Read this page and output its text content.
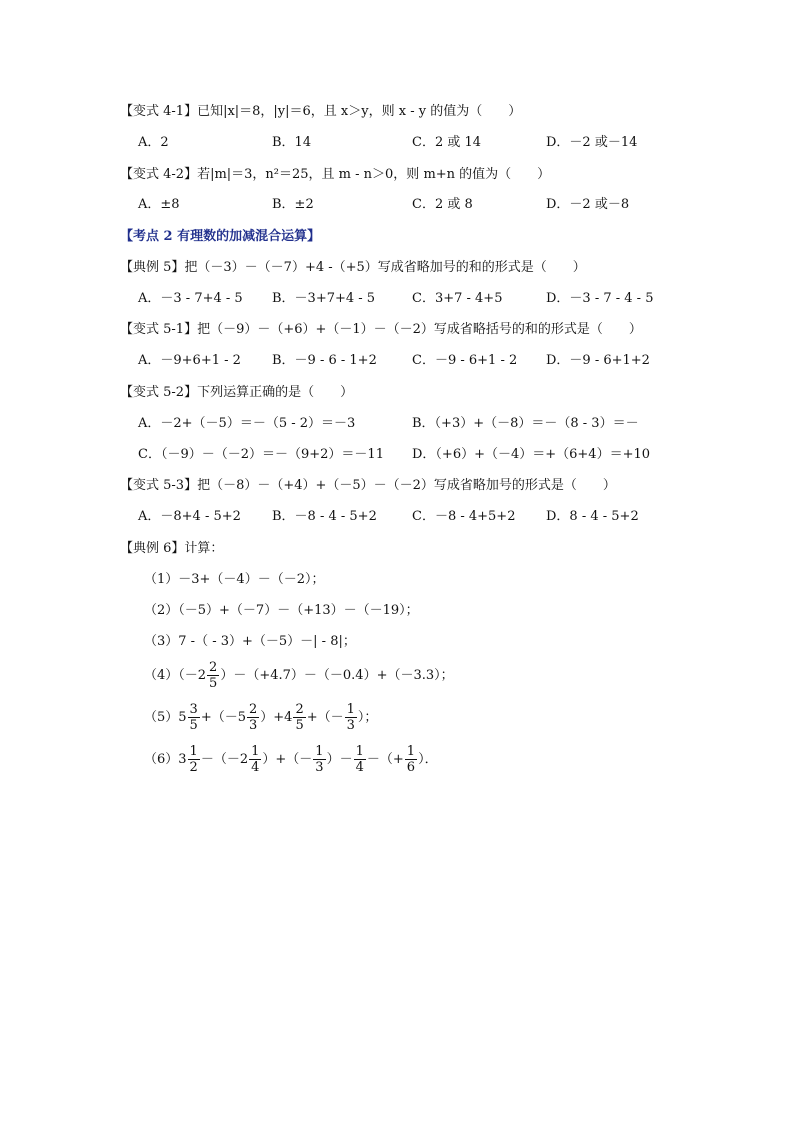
【变式 4-1】已知|x|＝8，|y|＝6，且 x＞y，则 x - y 的值为（　　）
A．2	B．14	C．2 或 14	D．－2 或－14
【变式 4-2】若|m|＝3，n²＝25，且 m - n＞0，则 m+n 的值为（　　）
A．±8	B．±2	C．2 或 8	D．－2 或－8
【考点 2 有理数的加减混合运算】
【典例 5】把（－3）－（－7）+4 -（+5）写成省略加号的和的形式是（　　）
A．－3 - 7+4 - 5 B．－3+7+4 - 5	C．3+7 - 4+5	D．－3 - 7 - 4 - 5
【变式 5-1】把（－9）－（+6）+（－1）－（－2）写成省略括号的和的形式是（　　）
A．－9+6+1 - 2 B．－9 - 6 - 1+2	C．－9 - 6+1 - 2 D．－9 - 6+1+2
【变式 5-2】下列运算正确的是（　　）
A．－2+（－5）＝－（5 - 2）＝－3	B．（+3）+（－8）＝－（8 - 3）＝－
C．（－9）－（－2）＝－（9+2）＝－11 D．（+6）+（－4）＝+（6+4）＝+10
【变式 5-3】把（－8）－（+4）+（－5）－（－2）写成省略加号的形式是（　　）
A．－8+4 - 5+2 B．－8 - 4 - 5+2	C．－8 - 4+5+2 D．8 - 4 - 5+2
【典例 6】计算：
（1）－3+（－4）－（－2）；
（2）（－5）+（－7）－（+13）－（－19）；
（3）7 -（ - 3）+（－5）－| - 8|；
$(4)(-2 \frac{2}{5} )-(+4.7)-(-0.4)+(-3.3)$；
$(5)5 \frac{3}{5} +(-5 \frac{2}{3} )+4 \frac{2}{5}$ +（－ $\frac{1}{3}$ ）；
$(6)3 \frac{1}{2} -(-2 \frac{1}{4}$ ）+（－ $\frac{1}{3}$ ）－ $\frac{1}{4}$ －（+ $\frac{1}{6}$ ）．
